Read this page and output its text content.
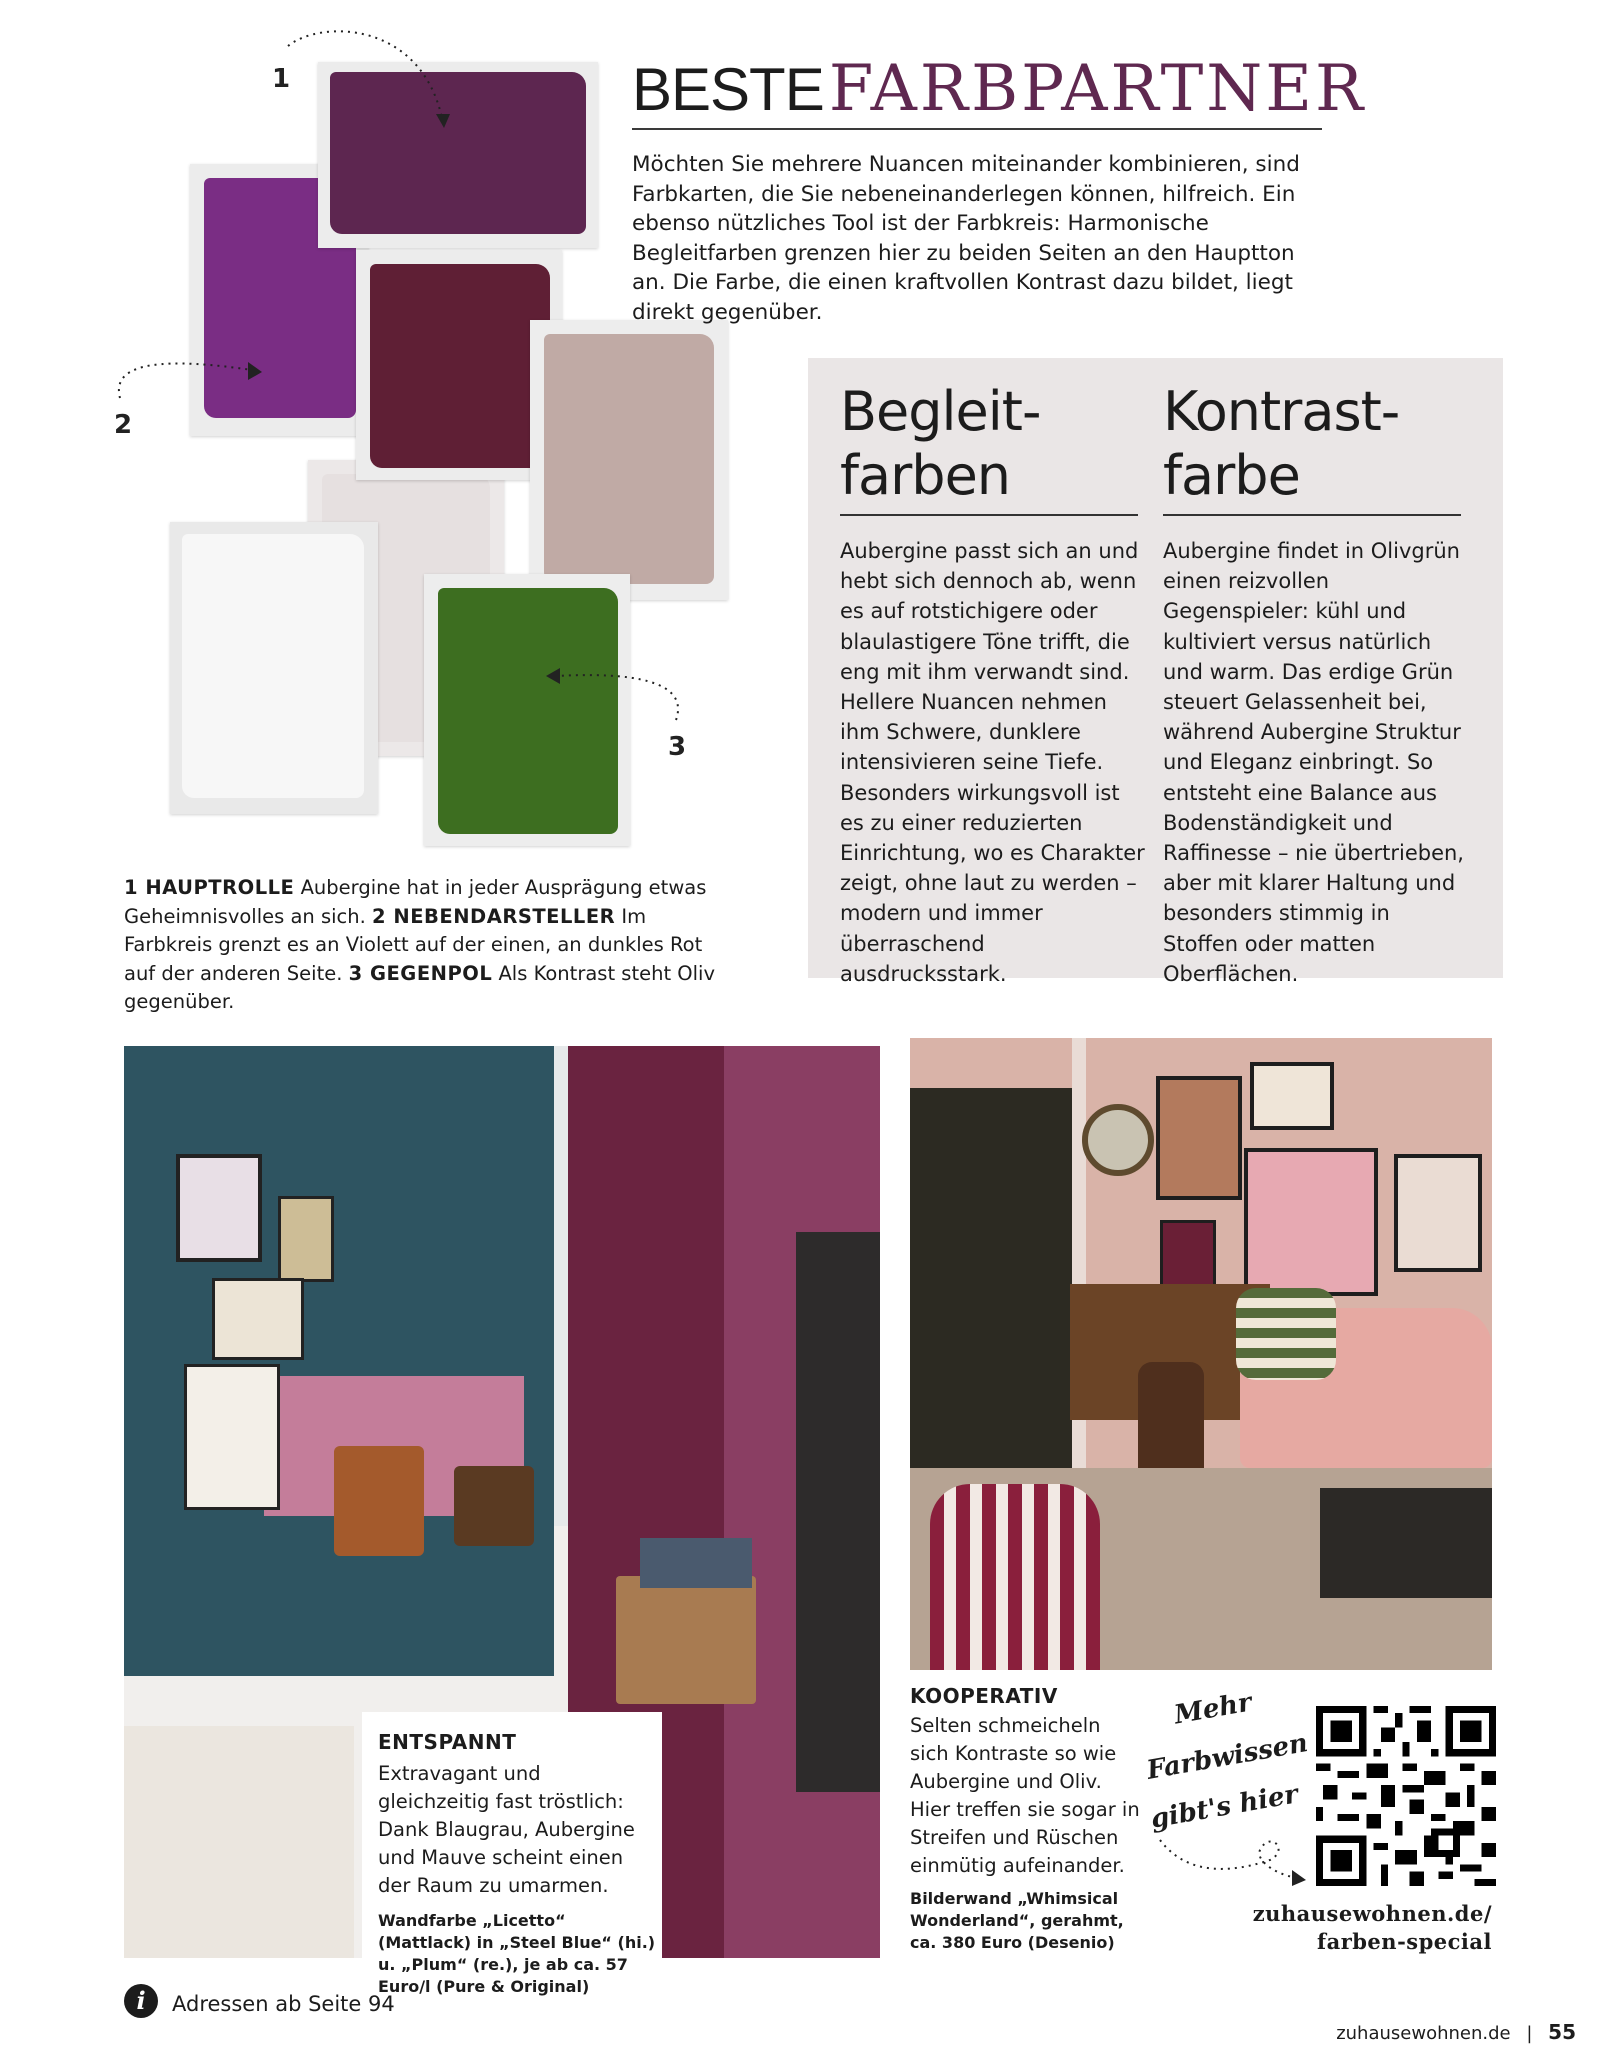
1
2
3
BESTE FARBPARTNER
Möchten Sie mehrere Nuancen miteinander kombinieren, sind Farbkarten, die Sie nebeneinanderlegen können, hilfreich. Ein ebenso nützliches Tool ist der Farbkreis: Harmonische Begleitfarben grenzen hier zu beiden Seiten an den Hauptton an. Die Farbe, die einen kraftvollen Kontrast dazu bildet, liegt direkt gegenüber.
Begleit-
farben
Aubergine passt sich an und hebt sich dennoch ab, wenn es auf rotstichigere oder blaulastigere Töne trifft, die eng mit ihm verwandt sind. Hellere Nuancen nehmen ihm Schwere, dunklere intensivieren seine Tiefe. Besonders wirkungsvoll ist es zu einer reduzierten Einrichtung, wo es Charakter zeigt, ohne laut zu werden – modern und immer überraschend ausdrucksstark.
Kontrast-
farbe
Aubergine findet in Olivgrün einen reizvollen Gegenspieler: kühl und kultiviert versus natürlich und warm. Das erdige Grün steuert Gelassenheit bei, während Aubergine Struktur und Eleganz einbringt. So entsteht eine Balance aus Bodenständigkeit und Raffinesse – nie übertrieben, aber mit klarer Haltung und besonders stimmig in Stoffen oder matten Oberflächen.
1 HAUPTROLLE Aubergine hat in jeder Ausprägung etwas Geheimnisvolles an sich. 2 NEBENDARSTELLER Im Farbkreis grenzt es an Violett auf der einen, an dunkles Rot auf der anderen Seite. 3 GEGENPOL Als Kontrast steht Oliv gegenüber.
ENTSPANNT
Extravagant und gleichzeitig fast tröstlich: Dank Blaugrau, Aubergine und Mauve scheint einen der Raum zu umarmen.
Wandfarbe „Licetto“ (Mattlack) in „Steel Blue“ (hi.) u. „Plum“ (re.), je ab ca. 57 Euro/l (Pure & Original)
KOOPERATIV
Selten schmeicheln sich Kontraste so wie Aubergine und Oliv. Hier treffen sie sogar in Streifen und Rüschen einmütig aufeinander.
Bilderwand „Whimsical Wonderland“, gerahmt, ca. 380 Euro (Desenio)
Mehr
Farbwissen
gibt's hier
zuhausewohnen.de/
farben-special
i	Adressen ab Seite 94
zuhausewohnen.de | 55
